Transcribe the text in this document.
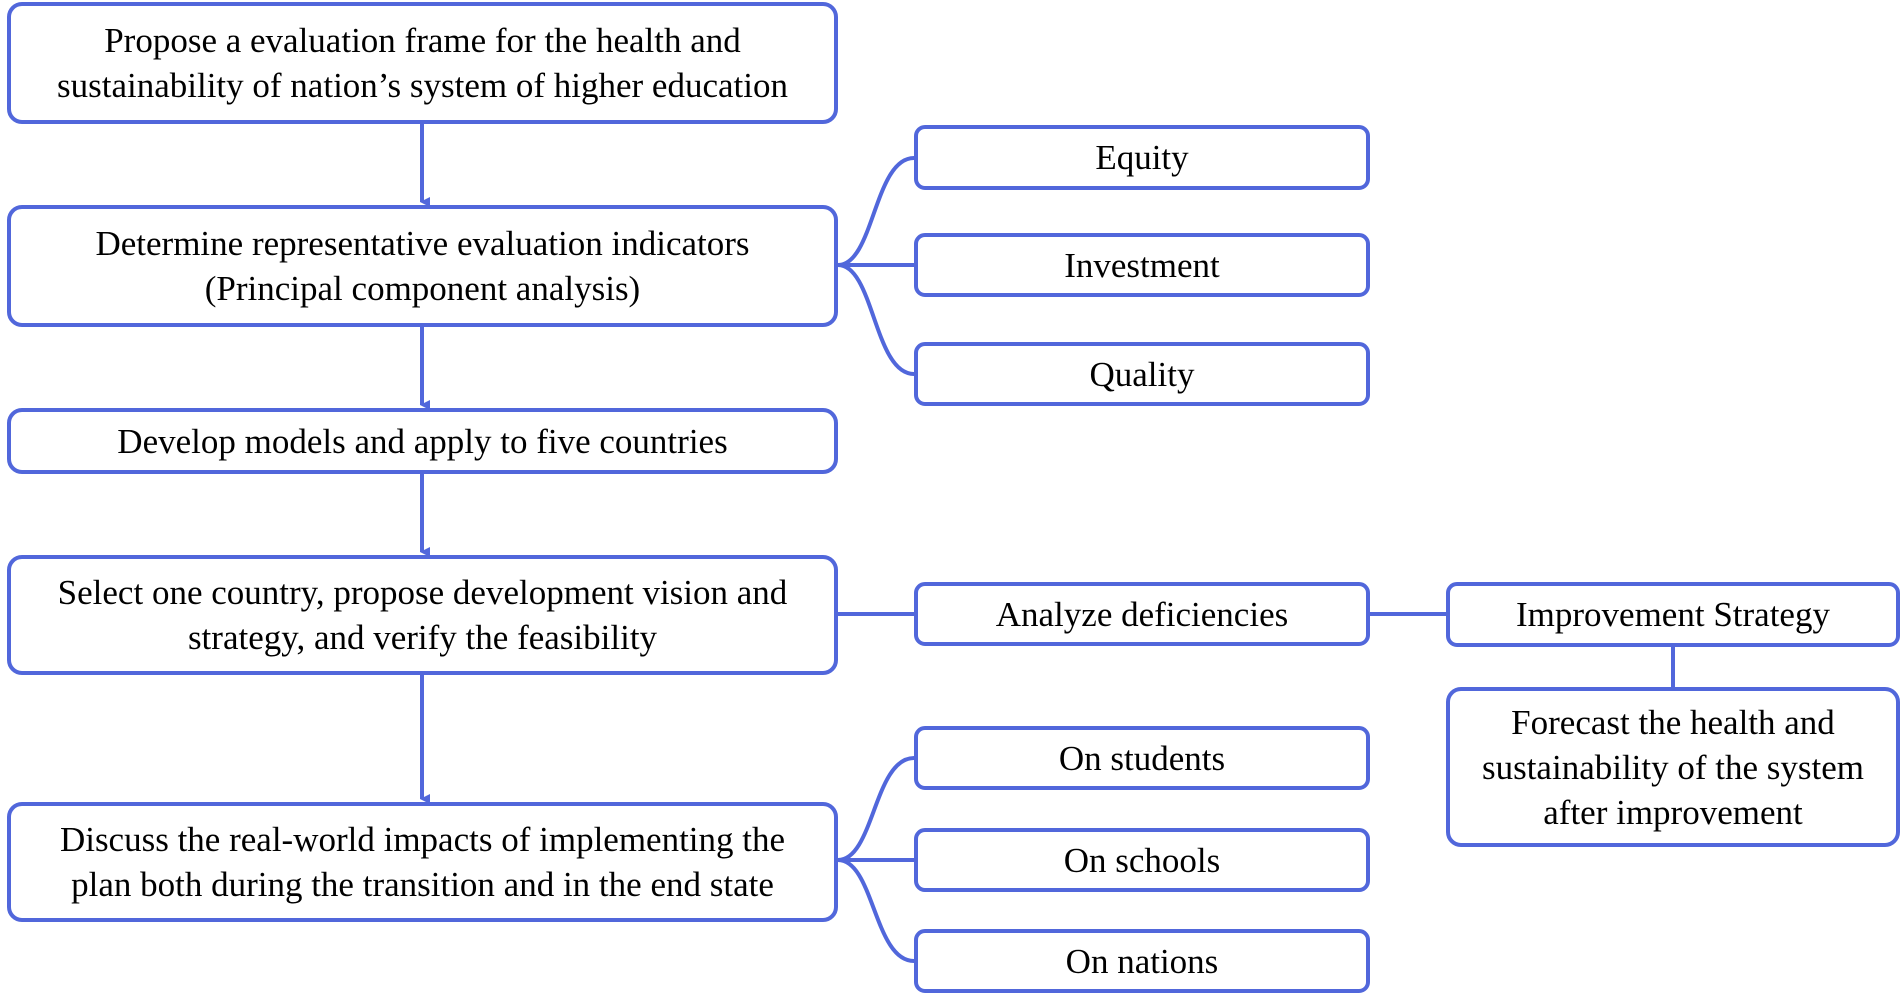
Propose a evaluation frame for the health and
sustainability of nation’s system of higher education
Determine representative evaluation indicators
(Principal component analysis)
Develop models and apply to five countries
Select one country, propose development vision and
strategy, and verify the feasibility
Discuss the real-world impacts of implementing the
plan both during the transition and in the end state
Equity
Investment
Quality
Analyze deficiencies	Improvement Strategy
Forecast the health and
sustainability of the system
after improvement
On students
On schools
On nations
